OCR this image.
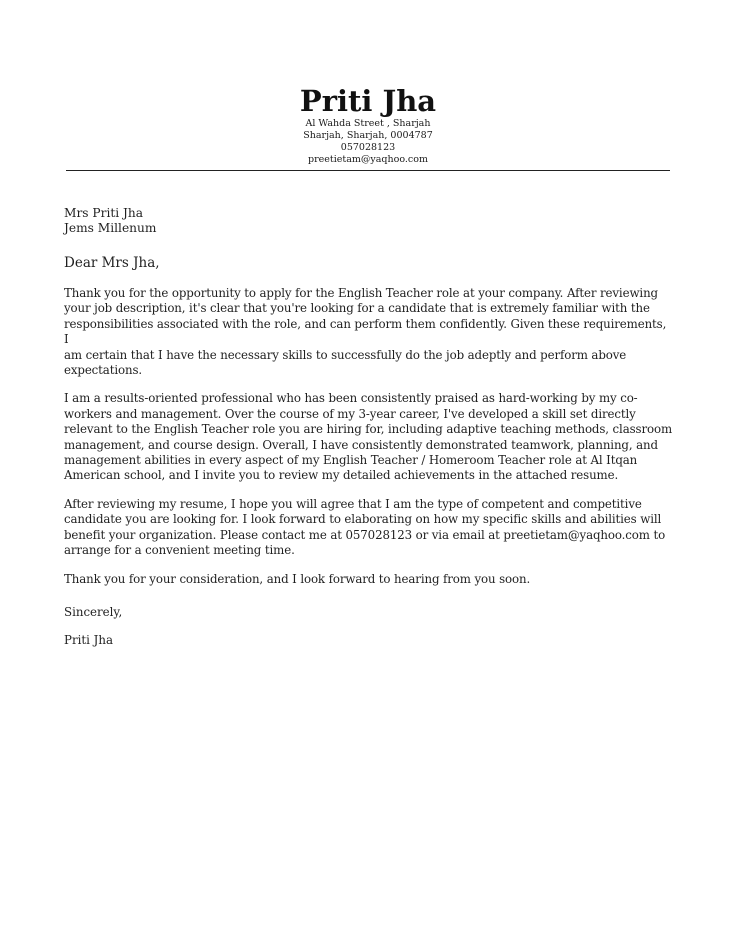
Priti Jha
Al Wahda Street , Sharjah
Sharjah, Sharjah, 0004787
057028123
preetietam@yaqhoo.com
Mrs Priti Jha
Jems Millenum
Dear Mrs Jha,
Thank you for the opportunity to apply for the English Teacher role at your company. After reviewing
your job description, it's clear that you're looking for a candidate that is extremely familiar with the
responsibilities associated with the role, and can perform them confidently. Given these requirements, I
am certain that I have the necessary skills to successfully do the job adeptly and perform above
expectations.
I am a results-oriented professional who has been consistently praised as hard-working by my co-
workers and management. Over the course of my 3-year career, I've developed a skill set directly
relevant to the English Teacher role you are hiring for, including adaptive teaching methods, classroom
management, and course design. Overall, I have consistently demonstrated teamwork, planning, and
management abilities in every aspect of my English Teacher / Homeroom Teacher role at Al Itqan
American school, and I invite you to review my detailed achievements in the attached resume.
After reviewing my resume, I hope you will agree that I am the type of competent and competitive
candidate you are looking for. I look forward to elaborating on how my specific skills and abilities will
benefit your organization. Please contact me at 057028123 or via email at preetietam@yaqhoo.com to
arrange for a convenient meeting time.
Thank you for your consideration, and I look forward to hearing from you soon.
Sincerely,
Priti Jha
